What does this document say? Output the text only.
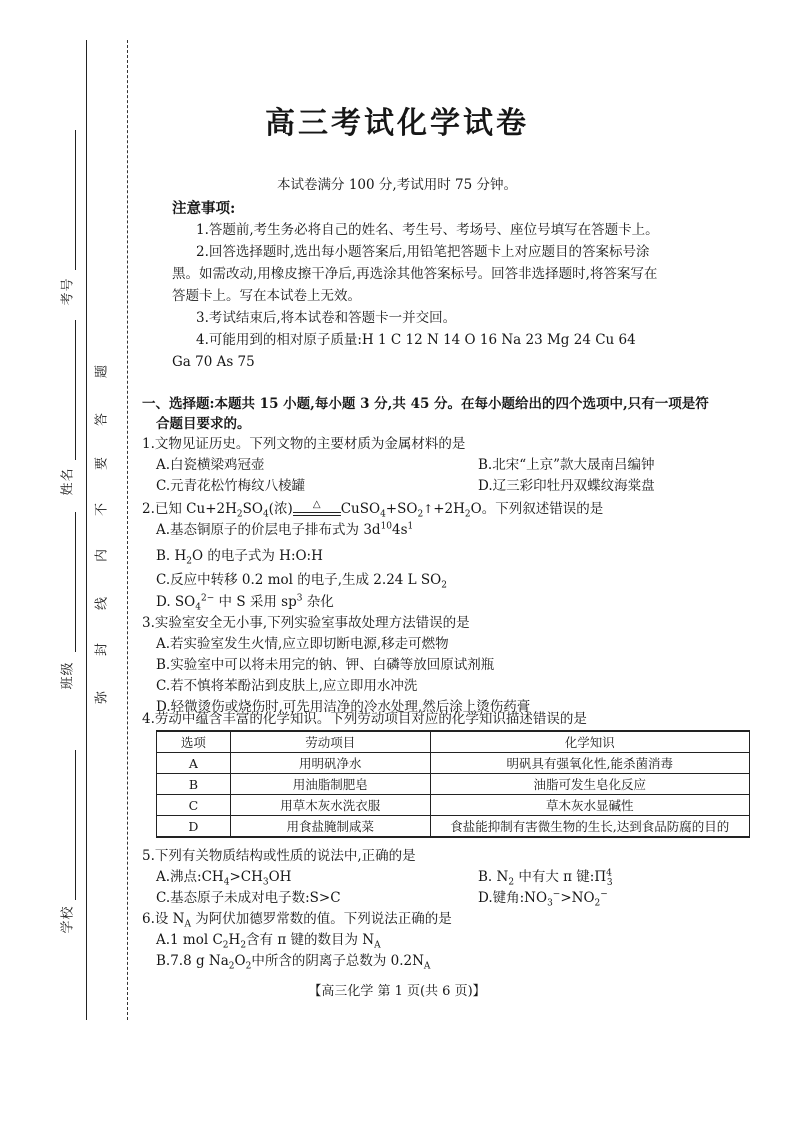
考号
姓名
班级
学校
弥
封
线
内
不
要
答
题
高三考试化学试卷
本试卷满分 100 分,考试用时 75 分钟。
注意事项:
1.答题前,考生务必将自己的姓名、考生号、考场号、座位号填写在答题卡上。
2.回答选择题时,选出每小题答案后,用铅笔把答题卡上对应题目的答案标号涂
黑。如需改动,用橡皮擦干净后,再选涂其他答案标号。回答非选择题时,将答案写在
答题卡上。写在本试卷上无效。
3.考试结束后,将本试卷和答题卡一并交回。
4.可能用到的相对原子质量:H 1 C 12 N 14 O 16 Na 23 Mg 24 Cu 64
Ga 70 As 75
一、选择题:本题共 15 小题,每小题 3 分,共 45 分。在每小题给出的四个选项中,只有一项是符
合题目要求的。
1.文物见证历史。下列文物的主要材质为金属材料的是
A.白瓷横梁鸡冠壶	B.北宋“上京”款大晟南吕编钟
C.元青花松竹梅纹八棱罐	D.辽三彩印牡丹双蝶纹海棠盘
2.已知 $Cu+2H_2SO_4$(浓) △ $CuSO_4+SO_2↑+2H_2O$。下列叙述错误的是
A.基态铜原子的价层电子排布式为 $3d^{10}4s^1$
B. $H_2O$ 的电子式为 H:O:H
C.反应中转移 0.2 mol 的电子,生成 2.24 L $SO_2$
D. $SO_4^{2-}$ 中 S 采用 $sp^3$ 杂化
3.实验室安全无小事,下列实验室事故处理方法错误的是
A.若实验室发生火情,应立即切断电源,移走可燃物
B.实验室中可以将未用完的钠、钾、白磷等放回原试剂瓶
C.若不慎将苯酚沾到皮肤上,应立即用水冲洗
D.轻微烫伤或烧伤时,可先用洁净的冷水处理,然后涂上烫伤药膏
4.劳动中蕴含丰富的化学知识。下列劳动项目对应的化学知识描述错误的是
选项	劳动项目	化学知识
A	用明矾净水	明矾具有强氧化性,能杀菌消毒
B	用油脂制肥皂	油脂可发生皂化反应
C	用草木灰水洗衣服	草木灰水显碱性
D	用食盐腌制咸菜	食盐能抑制有害微生物的生长,达到食品防腐的目的
5.下列有关物质结构或性质的说法中,正确的是
A.沸点$:CH_4>CH_3OH$	B. $N_2$ 中有大 π 键$:\Pi^4_3$
C.基态原子未成对电子数:S>C	D.键角$:NO_3^->NO_2^-$
6.设 $N_A$ 为阿伏加德罗常数的值。下列说法正确的是
A.1 mol $C_2H_2$含有 π 键的数目为 $N_A$
B.7.8 g $Na_2O_2$中所含的阴离子总数为 $0.2N_A$
【高三化学 第 1 页(共 6 页)】
